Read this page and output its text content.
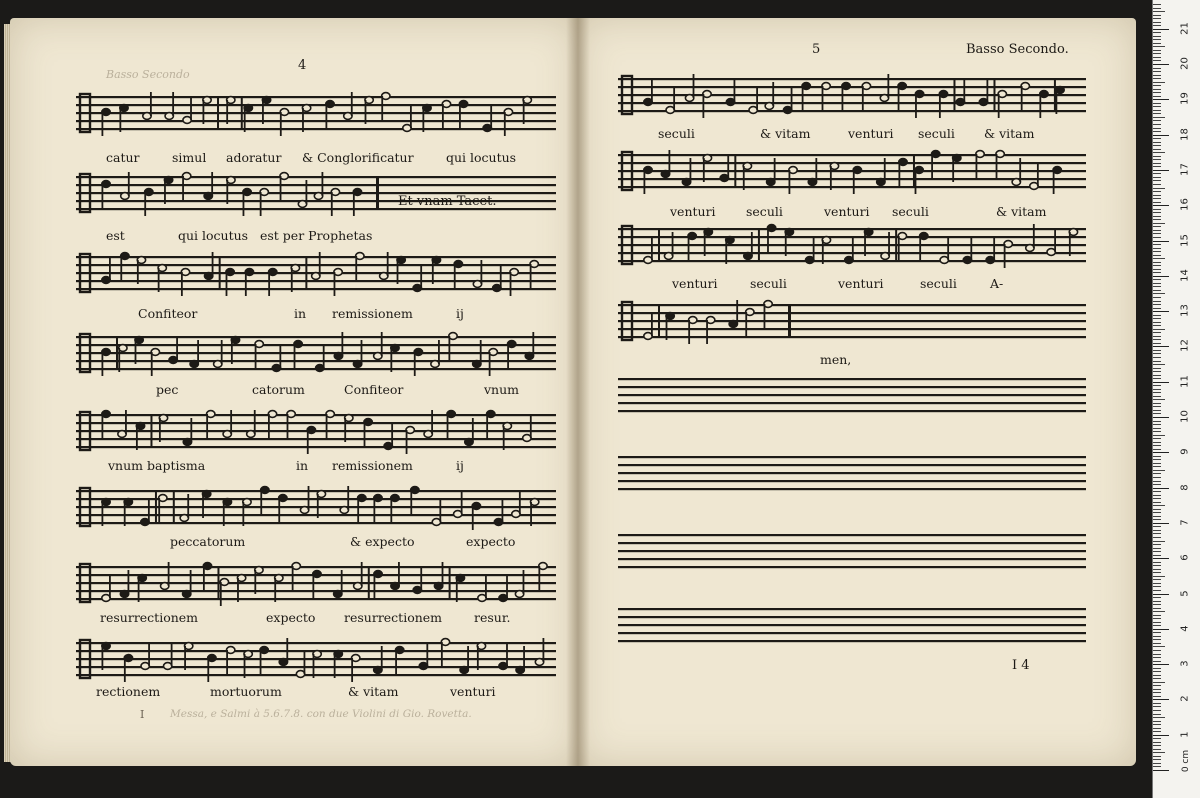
Basso Secondo
4
Et vnam Tacet.
catur	simul adoratur & Conglorificatur	qui locutus
est	qui locutus est per Prophetas
Confiteor	in remissionem	ij
pec	catorum	Confiteor	vnum
vnum baptisma	in remissionem	ij
peccatorum	& expecto	expecto
resurrectionem	expecto resurrectionem	resur.
rectionem	mortuorum	& vitam	venturi
Messa, e Salmi à 5.6.7.8. con due Violini di Gio. Rovetta.
I
5	Basso Secondo.
seculi	& vitam	venturi seculi & vitam
venturi seculi	venturi seculi	& vitam
venturi	seculi	venturi	seculi	A-
men,
I 4
0 cm
1
2
3
4
5
6
7
8
9
10
11
12
13
14
15
16
17
18
19
20
21
